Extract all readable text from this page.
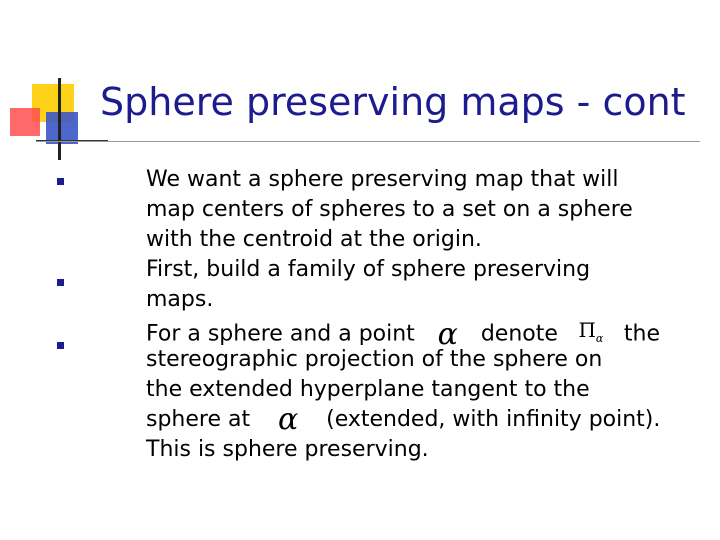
Sphere preserving maps - cont
We want a sphere preserving map that will
map centers of spheres to a set on a sphere
with the centroid at the origin.
First, build a family of sphere preserving
maps.
For a sphere and a point α denote $\Pi_\alpha$ the
stereographic projection of the sphere on
the extended hyperplane tangent to the
sphere at α (extended, with infinity point).
This is sphere preserving.
